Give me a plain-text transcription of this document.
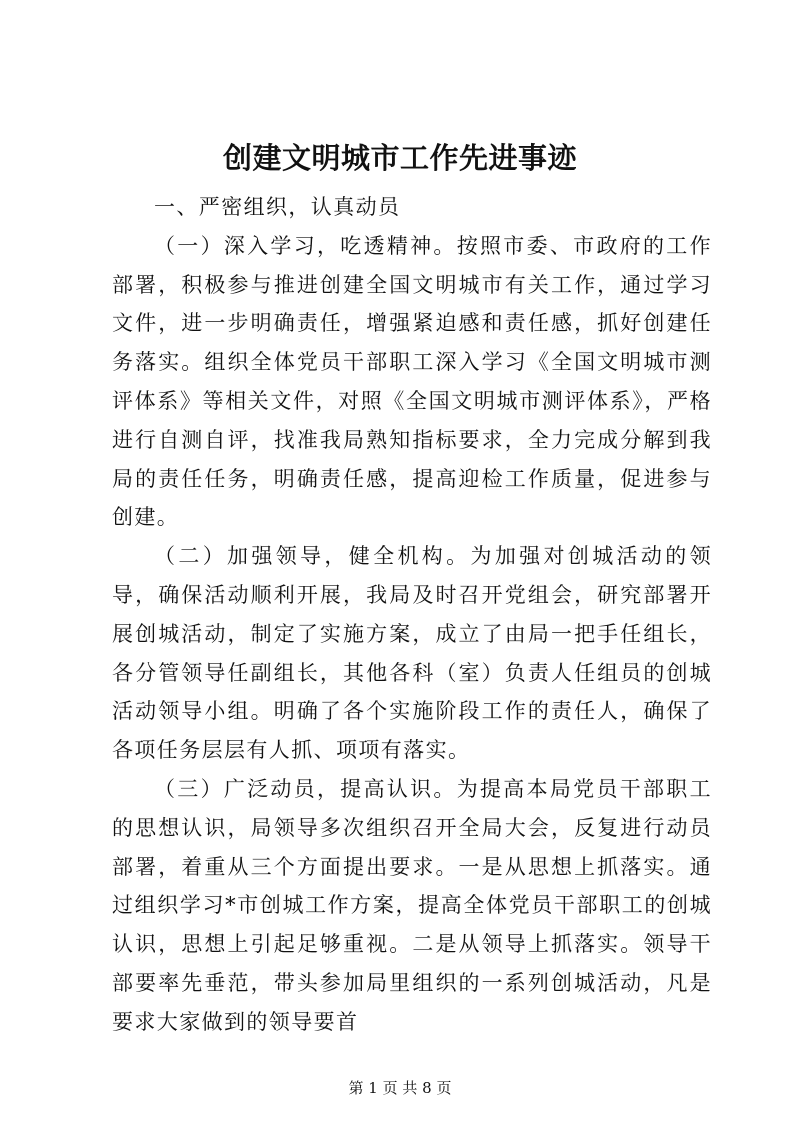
创建文明城市工作先进事迹

一、严密组织，认真动员

（一）深入学习，吃透精神。按照市委、市政府的工作部署，积极参与推进创建全国文明城市有关工作，通过学习文件，进一步明确责任，增强紧迫感和责任感，抓好创建任务落实。组织全体党员干部职工深入学习《全国文明城市测评体系》等相关文件，对照《全国文明城市测评体系》，严格进行自测自评，找准我局熟知指标要求，全力完成分解到我局的责任任务，明确责任感，提高迎检工作质量，促进参与创建。

（二）加强领导，健全机构。为加强对创城活动的领导，确保活动顺利开展，我局及时召开党组会，研究部署开展创城活动，制定了实施方案，成立了由局一把手任组长，各分管领导任副组长，其他各科（室）负责人任组员的创城活动领导小组。明确了各个实施阶段工作的责任人，确保了各项任务层层有人抓、项项有落实。

（三）广泛动员，提高认识。为提高本局党员干部职工的思想认识，局领导多次组织召开全局大会，反复进行动员部署，着重从三个方面提出要求。一是从思想上抓落实。通过组织学习*市创城工作方案，提高全体党员干部职工的创城认识，思想上引起足够重视。二是从领导上抓落实。领导干部要率先垂范，带头参加局里组织的一系列创城活动，凡是要求大家做到的领导要首

第 1 页 共 8 页
